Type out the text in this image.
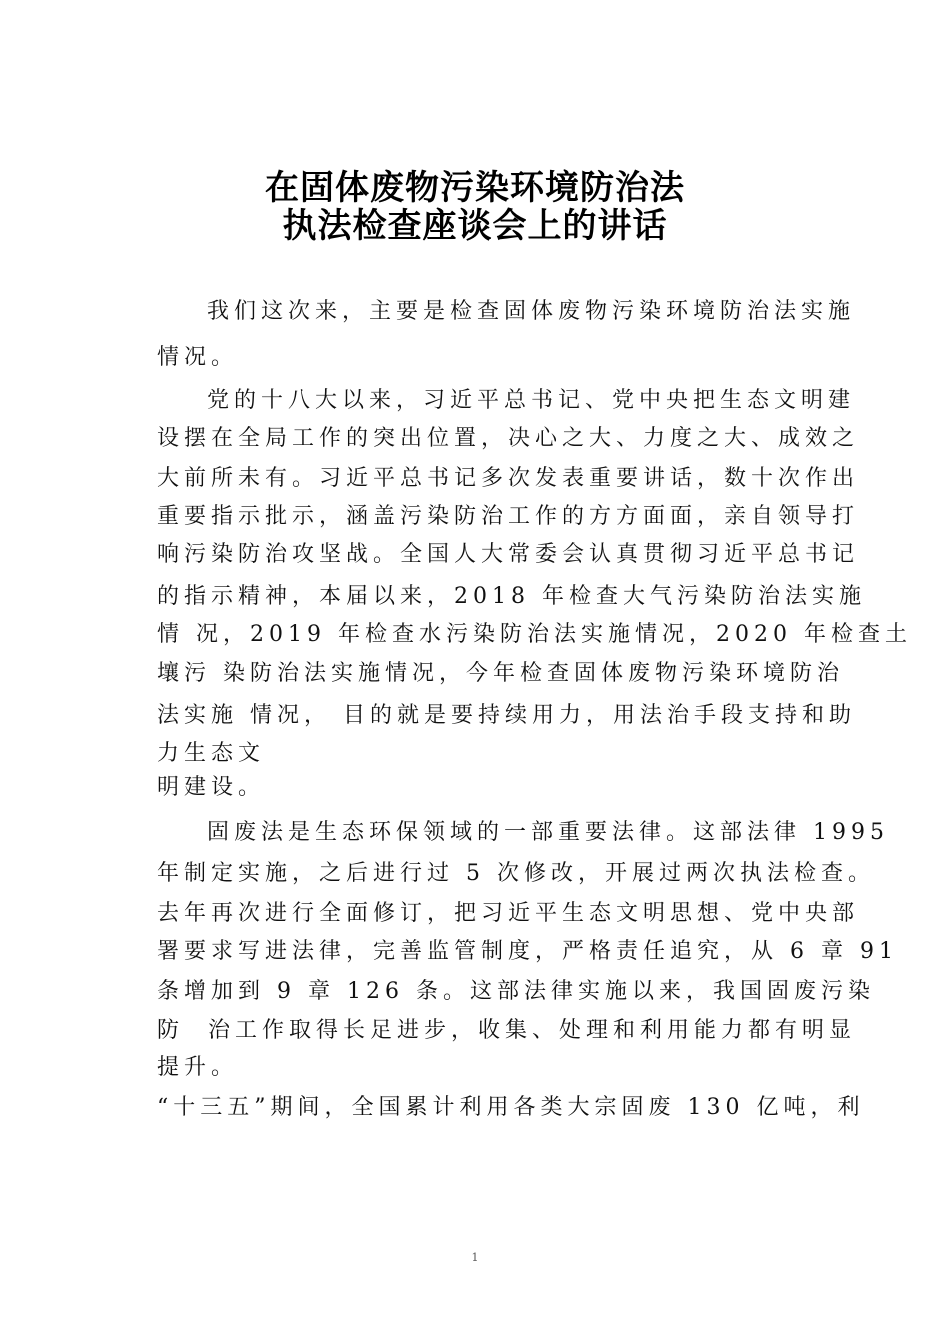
在固体废物污染环境防治法
执法检查座谈会上的讲话
我们这次来，主要是检查固体废物污染环境防治法实施
情况。
党的十八大以来，习近平总书记、党中央把生态文明建
设摆在全局工作的突出位置，决心之大、力度之大、成效之
大前所未有。习近平总书记多次发表重要讲话，数十次作出
重要指示批示，涵盖污染防治工作的方方面面，亲自领导打
响污染防治攻坚战。全国人大常委会认真贯彻习近平总书记
的指示精神，本届以来，2018 年检查大气污染防治法实施
情 况，2019 年检查水污染防治法实施情况，2020 年检查土
壤污 染防治法实施情况，今年检查固体废物污染环境防治
法实施 情况， 目的就是要持续用力，用法治手段支持和助
力生态文
明建设。
固废法是生态环保领域的一部重要法律。这部法律 1995
年制定实施，之后进行过 5 次修改，开展过两次执法检查。
去年再次进行全面修订，把习近平生态文明思想、党中央部
署要求写进法律，完善监管制度，严格责任追究，从 6 章 91
条增加到 9 章 126 条。这部法律实施以来，我国固废污染
防  治工作取得长足进步，收集、处理和利用能力都有明显
提升。
“十三五”期间，全国累计利用各类大宗固废 130 亿吨，利
1
